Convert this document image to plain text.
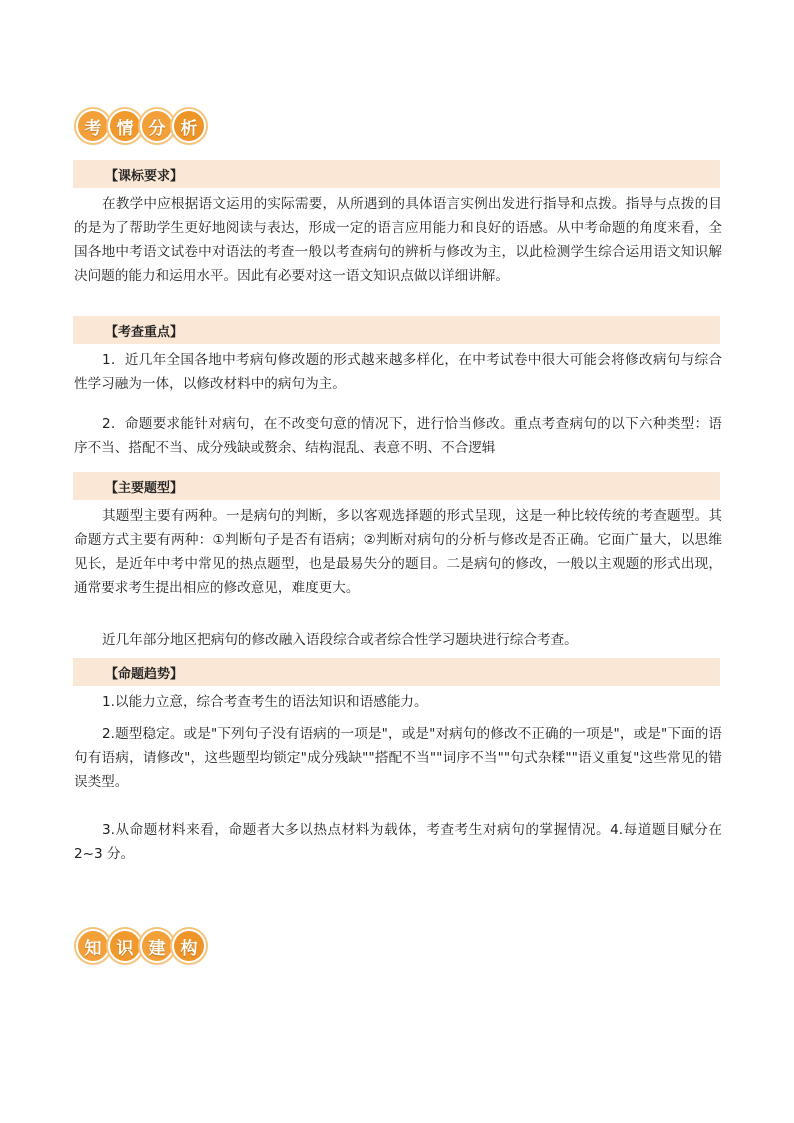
考 情 分 析
【课标要求】

在教学中应根据语文运用的实际需要，从所遇到的具体语言实例出发进行指导和点拨。指导与点拨的目的是为了帮助学生更好地阅读与表达，形成一定的语言应用能力和良好的语感。从中考命题的角度来看，全国各地中考语文试卷中对语法的考查一般以考查病句的辨析与修改为主，以此检测学生综合运用语文知识解决问题的能力和运用水平。因此有必要对这一语文知识点做以详细讲解。

【考查重点】

1．近几年全国各地中考病句修改题的形式越来越多样化，在中考试卷中很大可能会将修改病句与综合性学习融为一体，以修改材料中的病句为主。

2．命题要求能针对病句，在不改变句意的情况下，进行恰当修改。重点考查病句的以下六种类型：语序不当、搭配不当、成分残缺或赘余、结构混乱、表意不明、不合逻辑

【主要题型】

其题型主要有两种。一是病句的判断，多以客观选择题的形式呈现，这是一种比较传统的考查题型。其命题方式主要有两种：①判断句子是否有语病；②判断对病句的分析与修改是否正确。它面广量大，以思维见长，是近年中考中常见的热点题型，也是最易失分的题目。二是病句的修改，一般以主观题的形式出现，通常要求考生提出相应的修改意见，难度更大。

近几年部分地区把病句的修改融入语段综合或者综合性学习题块进行综合考查。

【命题趋势】

1.以能力立意，综合考查考生的语法知识和语感能力。

2.题型稳定。或是"下列句子没有语病的一项是"，或是"对病句的修改不正确的一项是"，或是"下面的语句有语病，请修改"，这些题型均锁定"成分残缺""搭配不当""词序不当""句式杂糅""语义重复"这些常见的错误类型。

3.从命题材料来看，命题者大多以热点材料为载体，考查考生对病句的掌握情况。4.每道题目赋分在 2~3 分。

知 识 建 构
